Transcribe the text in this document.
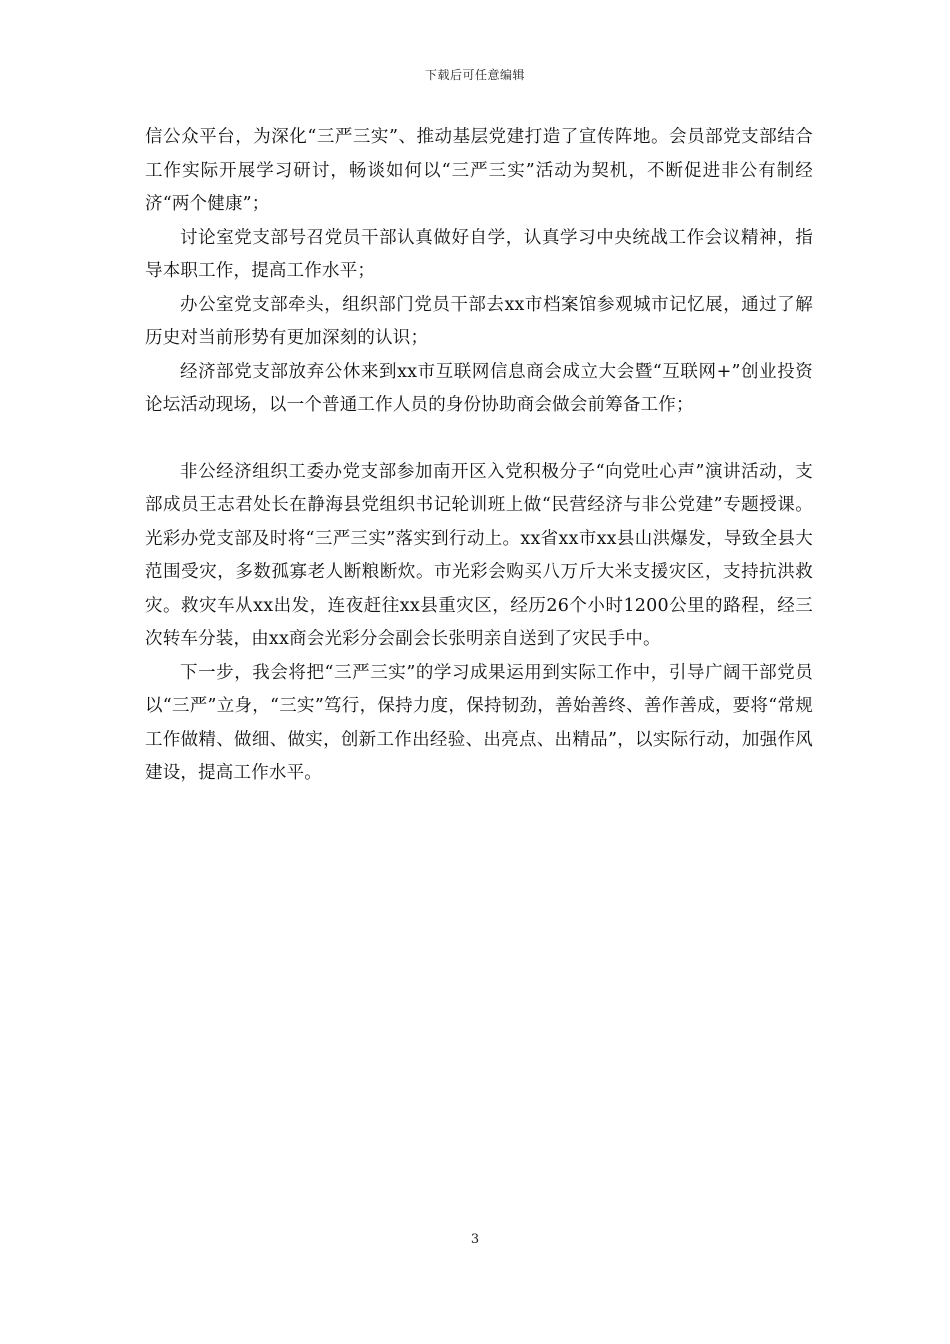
下载后可任意编辑

信公众平台，为深化“三严三实”、推动基层党建打造了宣传阵地。会员部党支部结合工作实际开展学习研讨，畅谈如何以“三严三实”活动为契机，不断促进非公有制经济“两个健康”；

讨论室党支部号召党员干部认真做好自学，认真学习中央统战工作会议精神，指导本职工作，提高工作水平；

办公室党支部牵头，组织部门党员干部去xx市档案馆参观城市记忆展，通过了解历史对当前形势有更加深刻的认识；

经济部党支部放弃公休来到xx市互联网信息商会成立大会暨“互联网+”创业投资论坛活动现场，以一个普通工作人员的身份协助商会做会前筹备工作；

非公经济组织工委办党支部参加南开区入党积极分子“向党吐心声”演讲活动，支部成员王志君处长在静海县党组织书记轮训班上做“民营经济与非公党建”专题授课。光彩办党支部及时将“三严三实”落实到行动上。xx省xx市xx县山洪爆发，导致全县大范围受灾，多数孤寡老人断粮断炊。市光彩会购买八万斤大米支援灾区，支持抗洪救灾。救灾车从xx出发，连夜赶往xx县重灾区，经历26个小时1200公里的路程，经三次转车分装，由xx商会光彩分会副会长张明亲自送到了灾民手中。

下一步，我会将把“三严三实”的学习成果运用到实际工作中，引导广阔干部党员以“三严”立身，“三实”笃行，保持力度，保持韧劲，善始善终、善作善成，要将“常规工作做精、做细、做实，创新工作出经验、出亮点、出精品”，以实际行动，加强作风建设，提高工作水平。

3
